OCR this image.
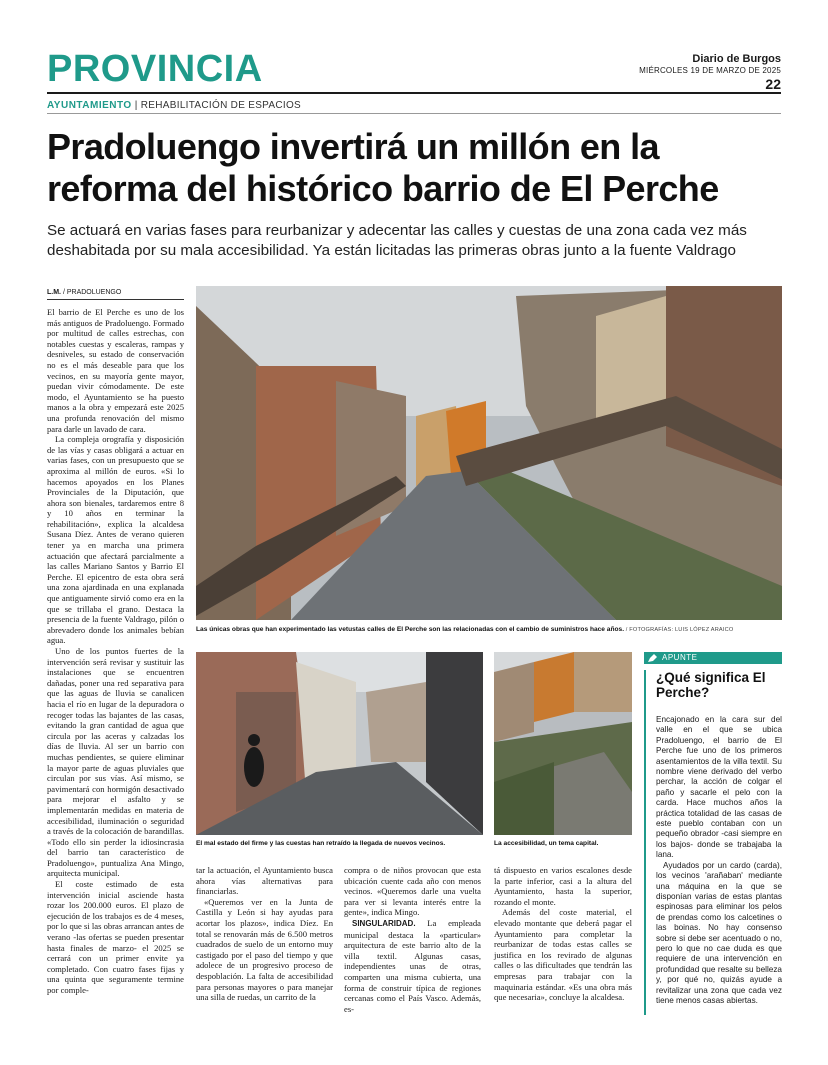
PROVINCIA	Diario de Burgos
MIÉRCOLES 19 DE MARZO DE 2025
22
AYUNTAMIENTO | REHABILITACIÓN DE ESPACIOS
Pradoluengo invertirá un millón en la reforma del histórico barrio de El Perche

Se actuará en varias fases para reurbanizar y adecentar las calles y cuestas de una zona cada vez más deshabitada por su mala accesibilidad. Ya están licitadas las primeras obras junto a la fuente Valdrago

L.M. / PRADOLUENGO

El barrio de El Perche es uno de los más antiguos de Pradoluengo. Formado por multitud de calles estrechas, con notables cuestas y escaleras, rampas y desniveles, su estado de conservación no es el más deseable para que los vecinos, en su mayoría gente mayor, puedan vivir cómodamente. De este modo, el Ayuntamiento se ha puesto manos a la obra y empezará este 2025 una profunda renovación del mismo para darle un lavado de cara.

La compleja orografía y disposición de las vías y casas obligará a actuar en varias fases, con un presupuesto que se aproxima al millón de euros. «Si lo hacemos apoyados en los Planes Provinciales de la Diputación, que ahora son bienales, tardaremos entre 8 y 10 años en terminar la rehabilitación», explica la alcaldesa Susana Díez. Antes de verano quieren tener ya en marcha una primera actuación que afectará parcialmente a las calles Mariano Santos y Barrio El Perche. El epicentro de esta obra será una zona ajardinada en una explanada que antiguamente sirvió como era en la que se trillaba el grano. Destaca la presencia de la fuente Valdrago, pilón o abrevadero donde los animales bebían agua.

Uno de los puntos fuertes de la intervención será revisar y sustituir las instalaciones que se encuentren dañadas, poner una red separativa para que las aguas de lluvia se canalicen hacia el río en lugar de la depuradora o recoger todas las bajantes de las casas, evitando la gran cantidad de agua que circula por las aceras y calzadas los días de lluvia. Al ser un barrio con muchas pendientes, se quiere eliminar la mayor parte de aguas pluviales que circulan por sus vías. Así mismo, se pavimentará con hormigón desactivado para mejorar el asfalto y se implementarán medidas en materia de accesibilidad, iluminación o seguridad a través de la colocación de barandillas. «Todo ello sin perder la idiosincrasia del barrio tan característico de Pradoluengo», puntualiza Ana Mingo, arquitecta municipal.

El coste estimado de esta intervención inicial asciende hasta rozar los 200.000 euros. El plazo de ejecución de los trabajos es de 4 meses, por lo que si las obras arrancan antes de verano -las ofertas se pueden presentar hasta finales de marzo- el 2025 se cerrará con un primer envite ya completado. Con cuatro fases fijas y una quinta que seguramente termine por comple-

Las únicas obras que han experimentado las vetustas calles de El Perche son las relacionadas con el cambio de suministros hace años. / FOTOGRAFÍAS: LUIS LÓPEZ ARAICO
El mal estado del firme y las cuestas han retraído la llegada de nuevos vecinos.	La accesibilidad, un tema capital.

tar la actuación, el Ayuntamiento busca ahora vías alternativas para financiarlas.

«Queremos ver en la Junta de Castilla y León si hay ayudas para acortar los plazos», indica Díez. En total se renovarán más de 6.500 metros cuadrados de suelo de un entorno muy castigado por el paso del tiempo y que adolece de un progresivo proceso de despoblación. La falta de accesibilidad para personas mayores o para manejar una silla de ruedas, un carrito de la

compra o de niños provocan que esta ubicación cuente cada año con menos vecinos. «Queremos darle una vuelta para ver si levanta interés entre la gente», indica Mingo.

SINGULARIDAD. La empleada municipal destaca la «particular» arquitectura de este barrio alto de la villa textil. Algunas casas, independientes unas de otras, comparten una misma cubierta, una forma de construir típica de regiones cercanas como el País Vasco. Además, es-

tá dispuesto en varios escalones desde la parte inferior, casi a la altura del Ayuntamiento, hasta la superior, rozando el monte.

Además del coste material, el elevado montante que deberá pagar el Ayuntamiento para completar la reurbanizar de todas estas calles se justifica en los revirado de algunas calles o las dificultades que tendrán las empresas para trabajar con la maquinaria estándar. «Es una obra más que necesaria», concluye la alcaldesa.

APUNTE
¿Qué significa El Perche?

Encajonado en la cara sur del valle en el que se ubica Pradoluengo, el barrio de El Perche fue uno de los primeros asentamientos de la villa textil. Su nombre viene derivado del verbo perchar, la acción de colgar el paño y sacarle el pelo con la carda. Hace muchos años la práctica totalidad de las casas de este pueblo contaban con un pequeño obrador -casi siempre en los bajos- donde se trabajaba la lana.

Ayudados por un cardo (carda), los vecinos 'arañaban' mediante una máquina en la que se disponían varias de estas plantas espinosas para eliminar los pelos de prendas como los calcetines o las boinas. No hay consenso sobre si debe ser acentuado o no, pero lo que no cae duda es que requiere de una intervención en profundidad que resalte su belleza y, por qué no, quizás ayude a revitalizar una zona que cada vez tiene menos casas abiertas.
